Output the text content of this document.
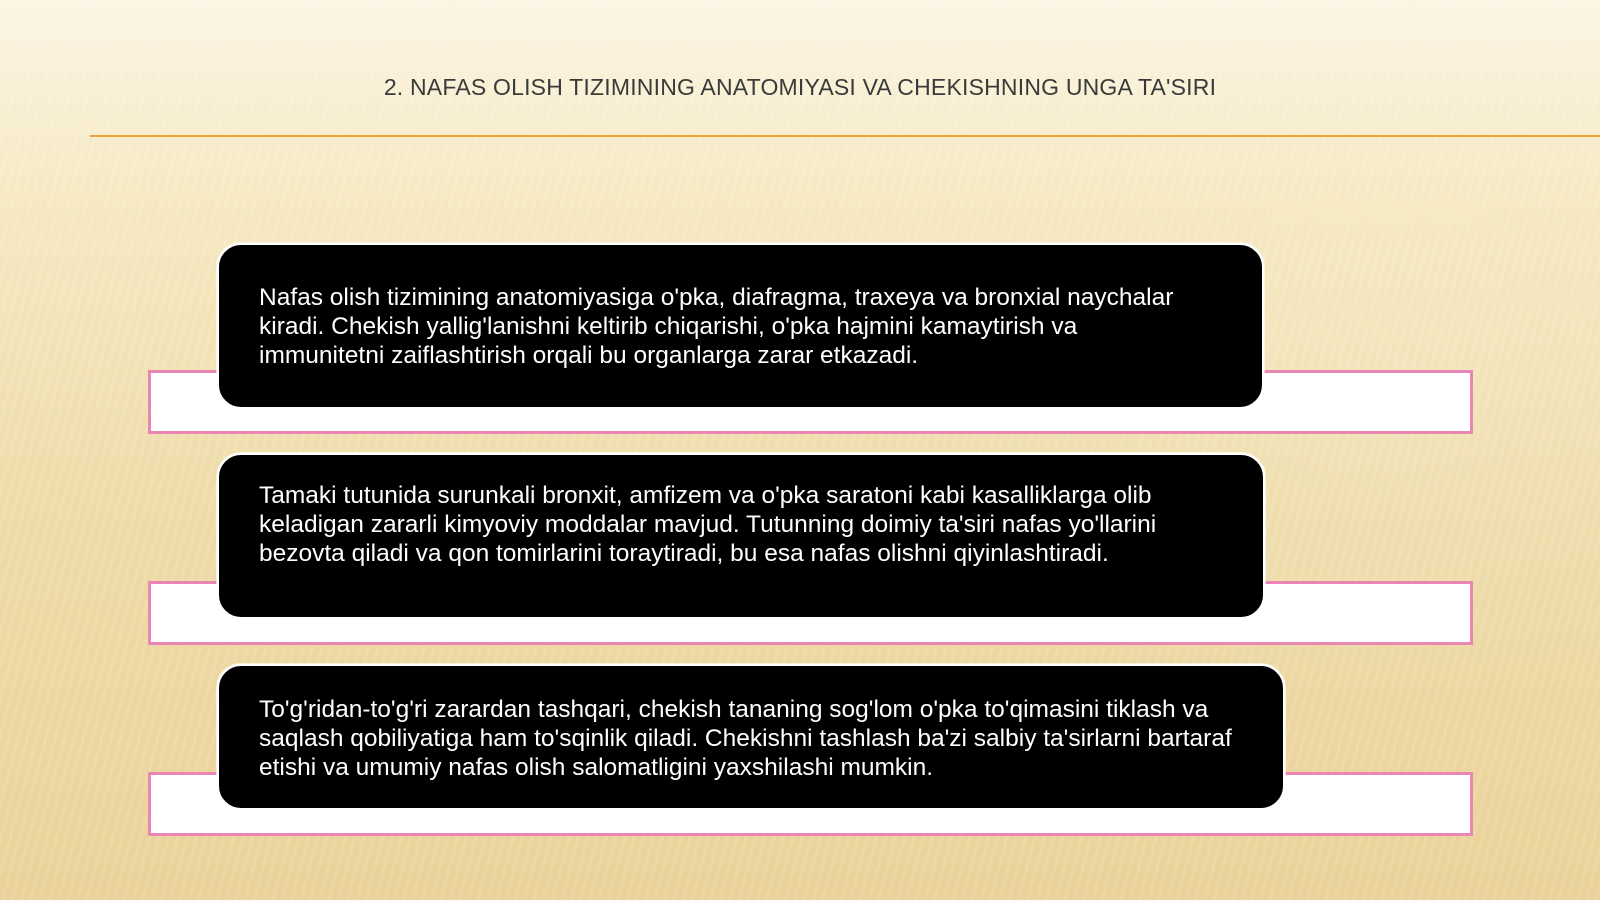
2. NAFAS OLISH TIZIMINING ANATOMIYASI VA CHEKISHNING UNGA TA'SIRI

Nafas olish tizimining anatomiyasiga o'pka, diafragma, traxeya va bronxial naychalar kiradi. Chekish yallig'lanishni keltirib chiqarishi, o'pka hajmini kamaytirish va immunitetni zaiflashtirish orqali bu organlarga zarar etkazadi.

Tamaki tutunida surunkali bronxit, amfizem va o'pka saratoni kabi kasalliklarga olib keladigan zararli kimyoviy moddalar mavjud. Tutunning doimiy ta'siri nafas yo'llarini bezovta qiladi va qon tomirlarini toraytiradi, bu esa nafas olishni qiyinlashtiradi.

To'g'ridan-to'g'ri zarardan tashqari, chekish tananing sog'lom o'pka to'qimasini tiklash va saqlash qobiliyatiga ham to'sqinlik qiladi. Chekishni tashlash ba'zi salbiy ta'sirlarni bartaraf etishi va umumiy nafas olish salomatligini yaxshilashi mumkin.
